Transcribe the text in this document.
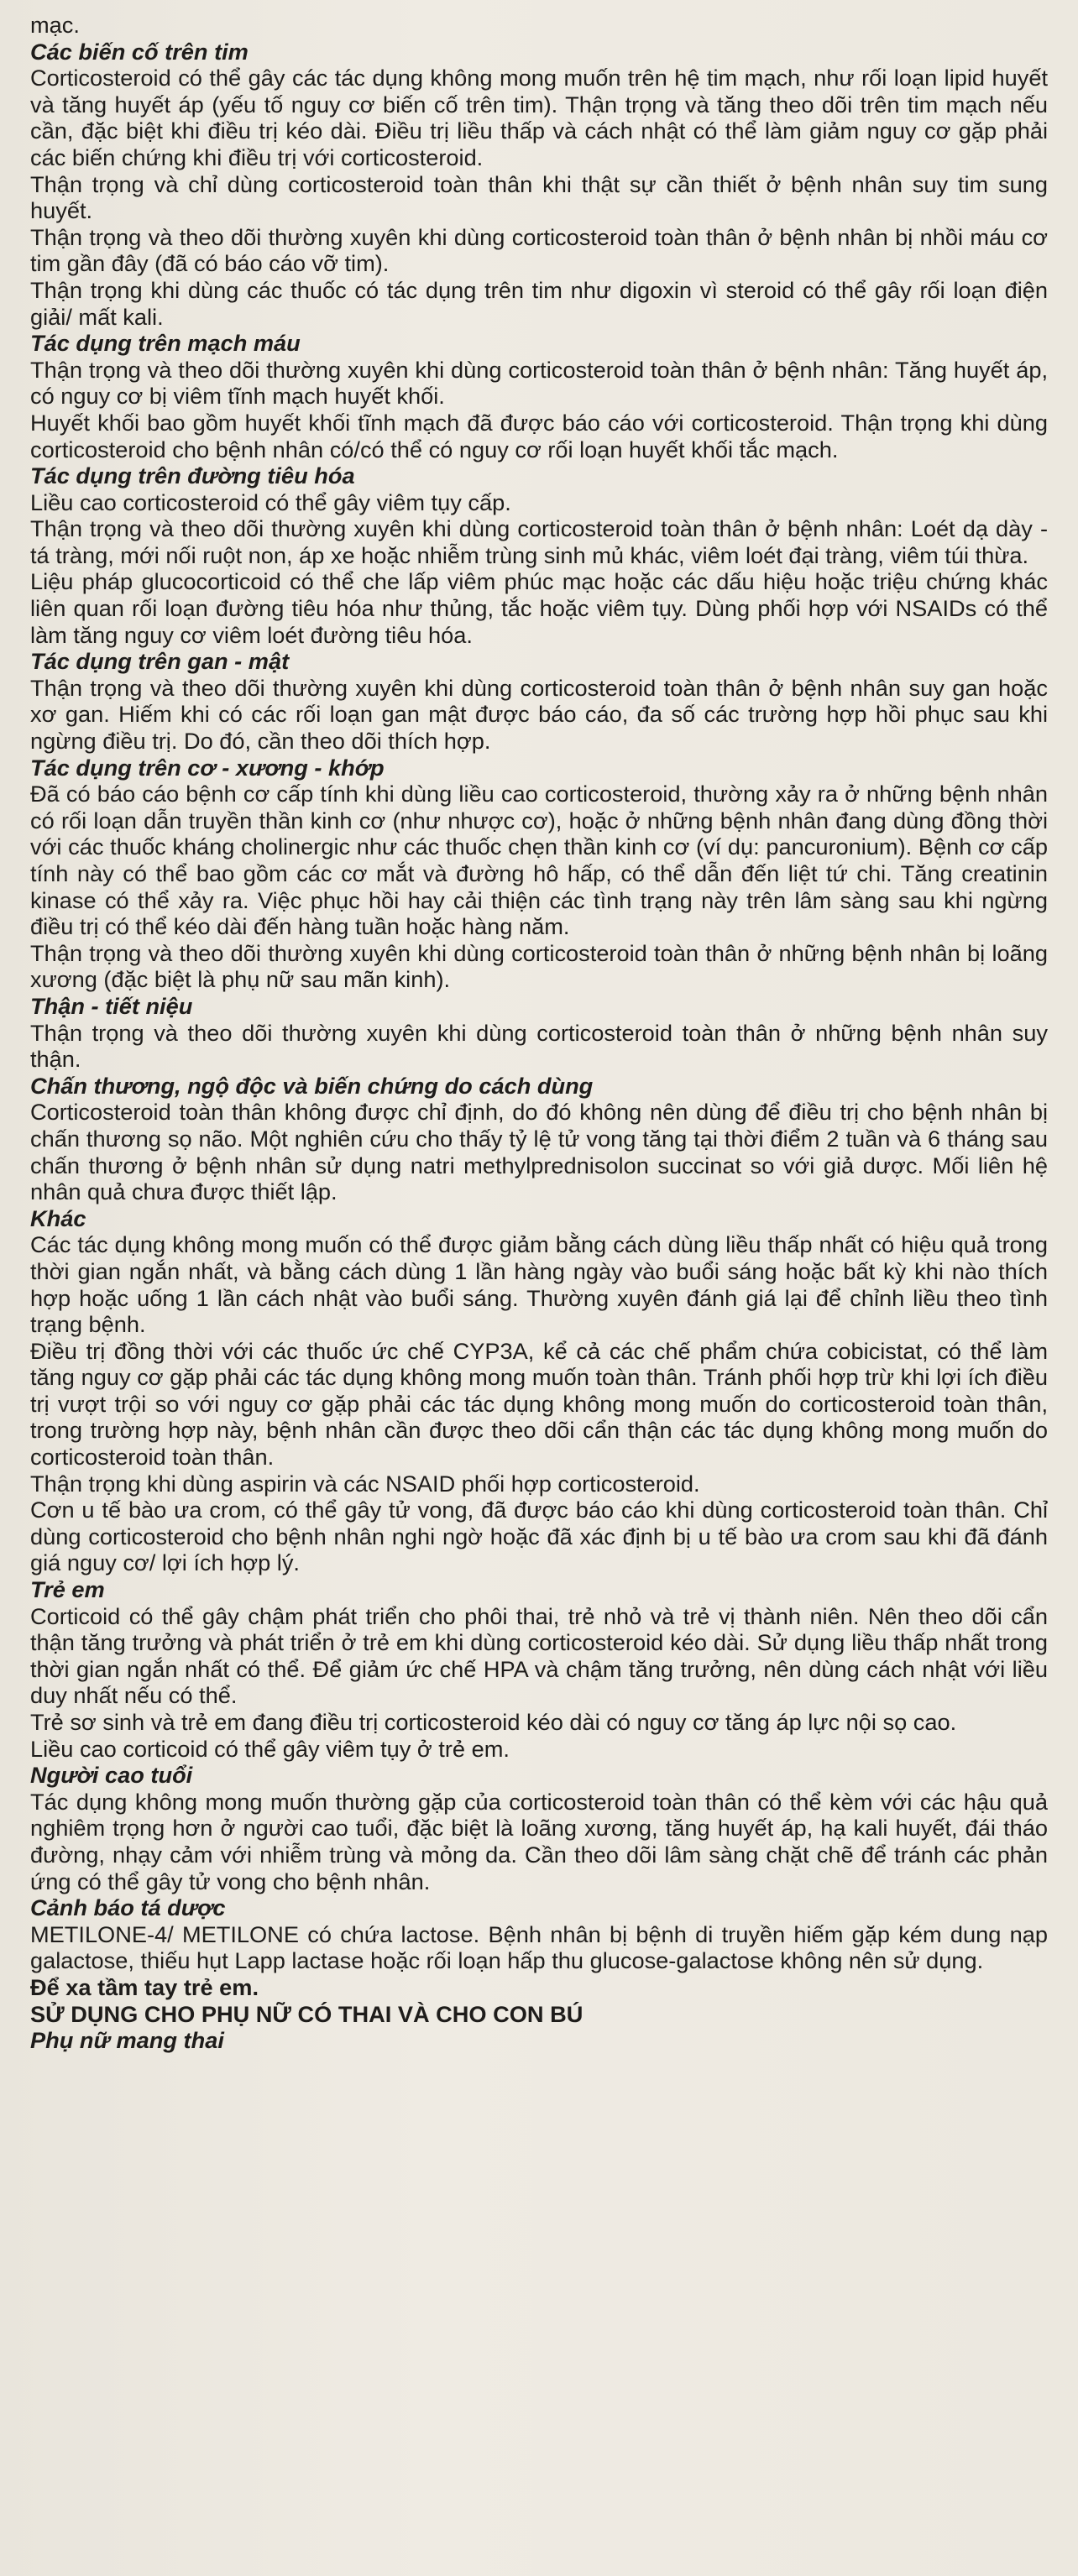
mạc.

Các biến cố trên tim

Corticosteroid có thể gây các tác dụng không mong muốn trên hệ tim mạch, như rối loạn lipid huyết và tăng huyết áp (yếu tố nguy cơ biến cố trên tim). Thận trọng và tăng theo dõi trên tim mạch nếu cần, đặc biệt khi điều trị kéo dài. Điều trị liều thấp và cách nhật có thể làm giảm nguy cơ gặp phải các biến chứng khi điều trị với corticosteroid.

Thận trọng và chỉ dùng corticosteroid toàn thân khi thật sự cần thiết ở bệnh nhân suy tim sung huyết.

Thận trọng và theo dõi thường xuyên khi dùng corticosteroid toàn thân ở bệnh nhân bị nhồi máu cơ tim gần đây (đã có báo cáo vỡ tim).

Thận trọng khi dùng các thuốc có tác dụng trên tim như digoxin vì steroid có thể gây rối loạn điện giải/ mất kali.

Tác dụng trên mạch máu

Thận trọng và theo dõi thường xuyên khi dùng corticosteroid toàn thân ở bệnh nhân: Tăng huyết áp, có nguy cơ bị viêm tĩnh mạch huyết khối.

Huyết khối bao gồm huyết khối tĩnh mạch đã được báo cáo với corticosteroid. Thận trọng khi dùng corticosteroid cho bệnh nhân có/có thể có nguy cơ rối loạn huyết khối tắc mạch.

Tác dụng trên đường tiêu hóa

Liều cao corticosteroid có thể gây viêm tụy cấp.

Thận trọng và theo dõi thường xuyên khi dùng corticosteroid toàn thân ở bệnh nhân: Loét dạ dày - tá tràng, mới nối ruột non, áp xe hoặc nhiễm trùng sinh mủ khác, viêm loét đại tràng, viêm túi thừa.

Liệu pháp glucocorticoid có thể che lấp viêm phúc mạc hoặc các dấu hiệu hoặc triệu chứng khác liên quan rối loạn đường tiêu hóa như thủng, tắc hoặc viêm tụy. Dùng phối hợp với NSAIDs có thể làm tăng nguy cơ viêm loét đường tiêu hóa.

Tác dụng trên gan - mật

Thận trọng và theo dõi thường xuyên khi dùng corticosteroid toàn thân ở bệnh nhân suy gan hoặc xơ gan. Hiếm khi có các rối loạn gan mật được báo cáo, đa số các trường hợp hồi phục sau khi ngừng điều trị. Do đó, cần theo dõi thích hợp.

Tác dụng trên cơ - xương - khớp

Đã có báo cáo bệnh cơ cấp tính khi dùng liều cao corticosteroid, thường xảy ra ở những bệnh nhân có rối loạn dẫn truyền thần kinh cơ (như nhược cơ), hoặc ở những bệnh nhân đang dùng đồng thời với các thuốc kháng cholinergic như các thuốc chẹn thần kinh cơ (ví dụ: pancuronium). Bệnh cơ cấp tính này có thể bao gồm các cơ mắt và đường hô hấp, có thể dẫn đến liệt tứ chi. Tăng creatinin kinase có thể xảy ra. Việc phục hồi hay cải thiện các tình trạng này trên lâm sàng sau khi ngừng điều trị có thể kéo dài đến hàng tuần hoặc hàng năm.

Thận trọng và theo dõi thường xuyên khi dùng corticosteroid toàn thân ở những bệnh nhân bị loãng xương (đặc biệt là phụ nữ sau mãn kinh).

Thận - tiết niệu

Thận trọng và theo dõi thường xuyên khi dùng corticosteroid toàn thân ở những bệnh nhân suy thận.

Chấn thương, ngộ độc và biến chứng do cách dùng

Corticosteroid toàn thân không được chỉ định, do đó không nên dùng để điều trị cho bệnh nhân bị chấn thương sọ não. Một nghiên cứu cho thấy tỷ lệ tử vong tăng tại thời điểm 2 tuần và 6 tháng sau chấn thương ở bệnh nhân sử dụng natri methylprednisolon succinat so với giả dược. Mối liên hệ nhân quả chưa được thiết lập.

Khác

Các tác dụng không mong muốn có thể được giảm bằng cách dùng liều thấp nhất có hiệu quả trong thời gian ngắn nhất, và bằng cách dùng 1 lần hàng ngày vào buổi sáng hoặc bất kỳ khi nào thích hợp hoặc uống 1 lần cách nhật vào buổi sáng. Thường xuyên đánh giá lại để chỉnh liều theo tình trạng bệnh.

Điều trị đồng thời với các thuốc ức chế CYP3A, kể cả các chế phẩm chứa cobicistat, có thể làm tăng nguy cơ gặp phải các tác dụng không mong muốn toàn thân. Tránh phối hợp trừ khi lợi ích điều trị vượt trội so với nguy cơ gặp phải các tác dụng không mong muốn do corticosteroid toàn thân, trong trường hợp này, bệnh nhân cần được theo dõi cẩn thận các tác dụng không mong muốn do corticosteroid toàn thân.

Thận trọng khi dùng aspirin và các NSAID phối hợp corticosteroid.

Cơn u tế bào ưa crom, có thể gây tử vong, đã được báo cáo khi dùng corticosteroid toàn thân. Chỉ dùng corticosteroid cho bệnh nhân nghi ngờ hoặc đã xác định bị u tế bào ưa crom sau khi đã đánh giá nguy cơ/ lợi ích hợp lý.

Trẻ em

Corticoid có thể gây chậm phát triển cho phôi thai, trẻ nhỏ và trẻ vị thành niên. Nên theo dõi cẩn thận tăng trưởng và phát triển ở trẻ em khi dùng corticosteroid kéo dài. Sử dụng liều thấp nhất trong thời gian ngắn nhất có thể. Để giảm ức chế HPA và chậm tăng trưởng, nên dùng cách nhật với liều duy nhất nếu có thể.

Trẻ sơ sinh và trẻ em đang điều trị corticosteroid kéo dài có nguy cơ tăng áp lực nội sọ cao.

Liều cao corticoid có thể gây viêm tụy ở trẻ em.

Người cao tuổi

Tác dụng không mong muốn thường gặp của corticosteroid toàn thân có thể kèm với các hậu quả nghiêm trọng hơn ở người cao tuổi, đặc biệt là loãng xương, tăng huyết áp, hạ kali huyết, đái tháo đường, nhạy cảm với nhiễm trùng và mỏng da. Cần theo dõi lâm sàng chặt chẽ để tránh các phản ứng có thể gây tử vong cho bệnh nhân.

Cảnh báo tá dược

METILONE-4/ METILONE có chứa lactose. Bệnh nhân bị bệnh di truyền hiếm gặp kém dung nạp galactose, thiếu hụt Lapp lactase hoặc rối loạn hấp thu glucose-galactose không nên sử dụng.

Để xa tầm tay trẻ em.
SỬ DỤNG CHO PHỤ NỮ CÓ THAI VÀ CHO CON BÚ
Phụ nữ mang thai
